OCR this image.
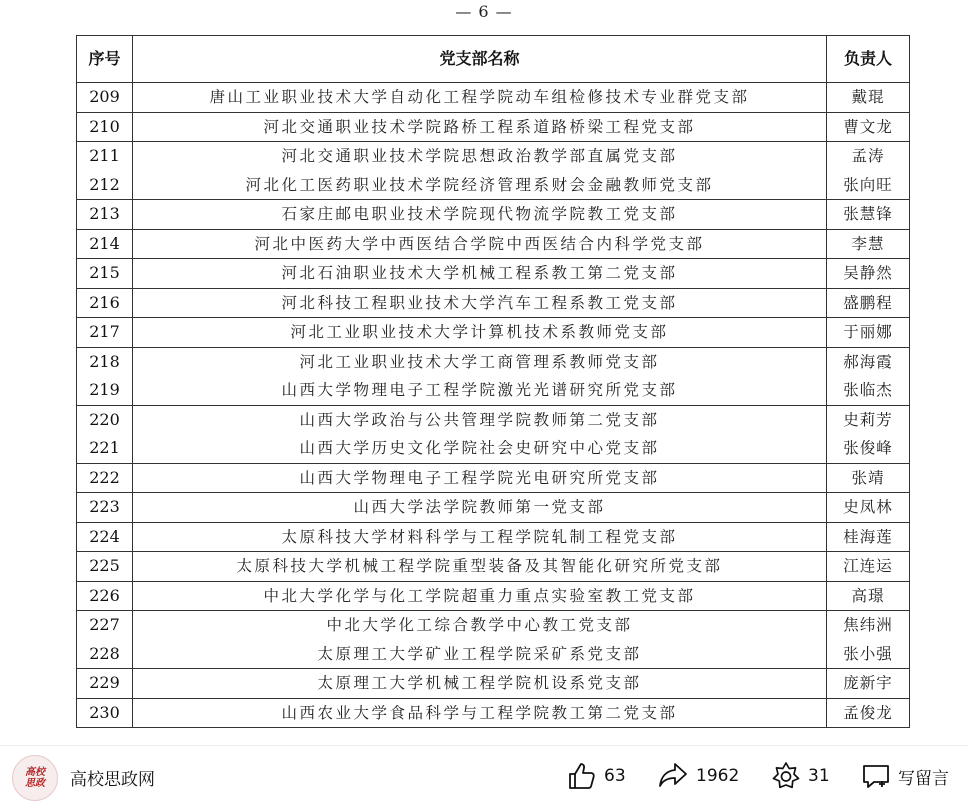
— 6 —
序号	党支部名称	负责人
209	唐山工业职业技术大学自动化工程学院动车组检修技术专业群党支部	戴琨
210	河北交通职业技术学院路桥工程系道路桥梁工程党支部	曹文龙
211	河北交通职业技术学院思想政治教学部直属党支部	孟涛
212	河北化工医药职业技术学院经济管理系财会金融教师党支部	张向旺
213	石家庄邮电职业技术学院现代物流学院教工党支部	张慧锋
214	河北中医药大学中西医结合学院中西医结合内科学党支部	李慧
215	河北石油职业技术大学机械工程系教工第二党支部	吴静然
216	河北科技工程职业技术大学汽车工程系教工党支部	盛鹏程
217	河北工业职业技术大学计算机技术系教师党支部	于丽娜
218	河北工业职业技术大学工商管理系教师党支部	郝海霞
219	山西大学物理电子工程学院激光光谱研究所党支部	张临杰
220	山西大学政治与公共管理学院教师第二党支部	史莉芳
221	山西大学历史文化学院社会史研究中心党支部	张俊峰
222	山西大学物理电子工程学院光电研究所党支部	张靖
223	山西大学法学院教师第一党支部	史凤林
224	太原科技大学材料科学与工程学院轧制工程党支部	桂海莲
225	太原科技大学机械工程学院重型装备及其智能化研究所党支部	江连运
226	中北大学化学与化工学院超重力重点实验室教工党支部	高璟
227	中北大学化工综合教学中心教工党支部	焦纬洲
228	太原理工大学矿业工程学院采矿系党支部	张小强
229	太原理工大学机械工程学院机设系党支部	庞新宇
230	山西农业大学食品科学与工程学院教工第二党支部	孟俊龙
高校思政 高校思政网	63	1962	31	写留言
